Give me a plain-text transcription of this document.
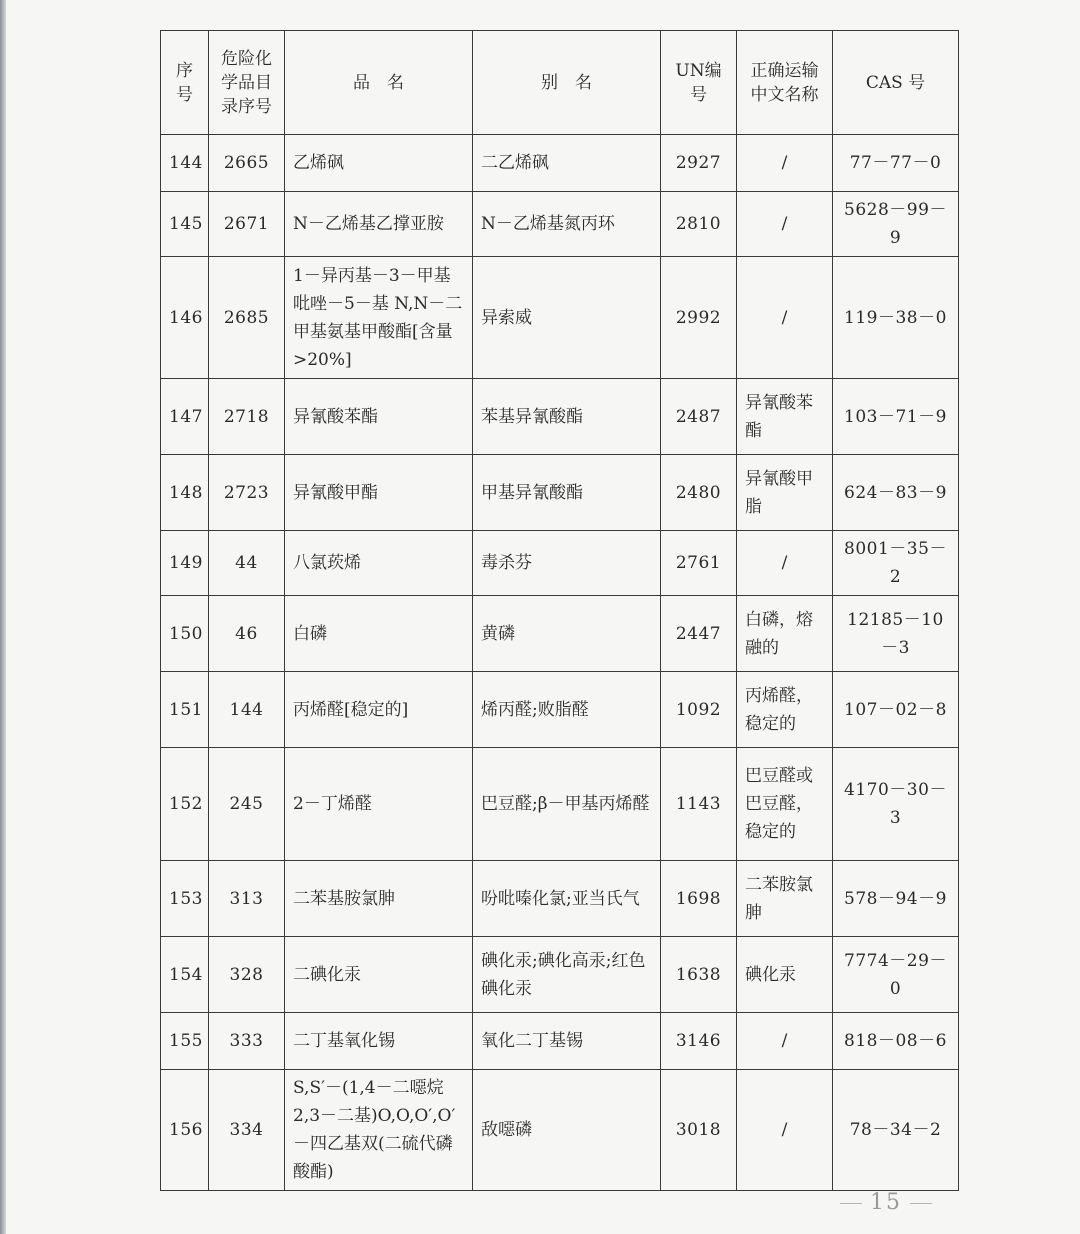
序号	危险化学品目录序号	品　名	别　名	UN编号	正确运输中文名称	CAS 号
144	2665	乙烯砜	二乙烯砜	2927	/	77－77－0
145	2671	N－乙烯基乙撑亚胺	N－乙烯基氮丙环	2810	/	5628－99－9
146	2685	1－异丙基－3－甲基吡唑－5－基 N,N－二甲基氨基甲酸酯[含量>20%]	异索威	2992	/	119－38－0
147	2718	异氰酸苯酯	苯基异氰酸酯	2487	异氰酸苯酯	103－71－9
148	2723	异氰酸甲酯	甲基异氰酸酯	2480	异氰酸甲脂	624－83－9
149	44	八氯莰烯	毒杀芬	2761	/	8001－35－2
150	46	白磷	黄磷	2447	白磷，熔融的	12185－10－3
151	144	丙烯醛[稳定的]	烯丙醛;败脂醛	1092	丙烯醛，稳定的	107－02－8
152	245	2－丁烯醛	巴豆醛;β－甲基丙烯醛	1143	巴豆醛或巴豆醛，稳定的	4170－30－3
153	313	二苯基胺氯胂	吩吡嗪化氯;亚当氏气	1698	二苯胺氯胂	578－94－9
154	328	二碘化汞	碘化汞;碘化高汞;红色碘化汞	1638	碘化汞	7774－29－0
155	333	二丁基氧化锡	氧化二丁基锡	3146	/	818－08－6
156	334	S,S′－(1,4－二噁烷 2,3－二基)O,O,O′,O′－四乙基双(二硫代磷酸酯)	敌噁磷	3018	/	78－34－2
15
